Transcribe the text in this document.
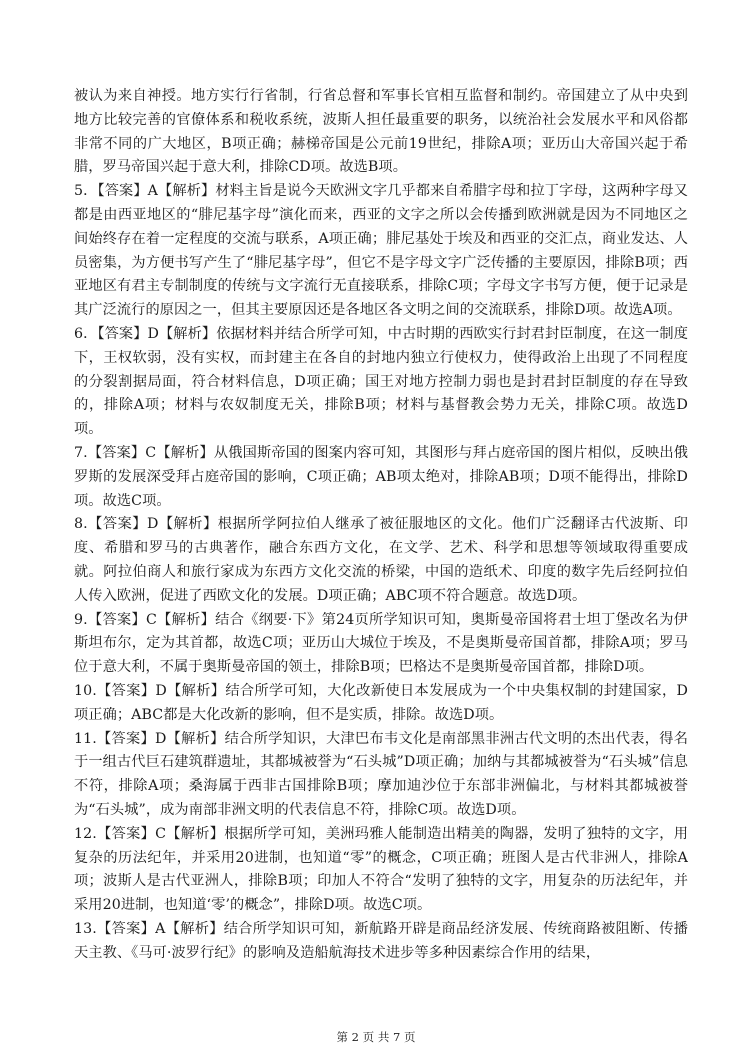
被认为来自神授。地方实行行省制，行省总督和军事长官相互监督和制约。帝国建立了从中央到地方比较完善的官僚体系和税收系统，波斯人担任最重要的职务，以统治社会发展水平和风俗都非常不同的广大地区，B项正确；赫梯帝国是公元前19世纪，排除A项；亚历山大帝国兴起于希腊，罗马帝国兴起于意大利，排除CD项。故选B项。

5．【答案】A【解析】材料主旨是说今天欧洲文字几乎都来自希腊字母和拉丁字母，这两种字母又都是由西亚地区的“腓尼基字母”演化而来，西亚的文字之所以会传播到欧洲就是因为不同地区之间始终存在着一定程度的交流与联系，A项正确；腓尼基处于埃及和西亚的交汇点，商业发达、人员密集，为方便书写产生了“腓尼基字母”，但它不是字母文字广泛传播的主要原因，排除B项；西亚地区有君主专制制度的传统与文字流行无直接联系，排除C项；字母文字书写方便，便于记录是其广泛流行的原因之一，但其主要原因还是各地区各文明之间的交流联系，排除D项。故选A项。

6．【答案】D【解析】依据材料并结合所学可知，中古时期的西欧实行封君封臣制度，在这一制度下，王权软弱，没有实权，而封建主在各自的封地内独立行使权力，使得政治上出现了不同程度的分裂割据局面，符合材料信息，D项正确；国王对地方控制力弱也是封君封臣制度的存在导致的，排除A项；材料与农奴制度无关，排除B项；材料与基督教会势力无关，排除C项。故选D项。

7.【答案】C【解析】从俄国斯帝国的图案内容可知，其图形与拜占庭帝国的图片相似，反映出俄罗斯的发展深受拜占庭帝国的影响，C项正确；AB项太绝对，排除AB项；D项不能得出，排除D项。故选C项。

8.【答案】D【解析】根据所学阿拉伯人继承了被征服地区的文化。他们广泛翻译古代波斯、印度、希腊和罗马的古典著作，融合东西方文化，在文学、艺术、科学和思想等领域取得重要成就。阿拉伯商人和旅行家成为东西方文化交流的桥梁，中国的造纸术、印度的数字先后经阿拉伯人传入欧洲，促进了西欧文化的发展。D项正确；ABC项不符合题意。故选D项。

9.【答案】C【解析】结合《纲要·下》第24页所学知识可知，奥斯曼帝国将君士坦丁堡改名为伊斯坦布尔，定为其首都，故选C项；亚历山大城位于埃及，不是奥斯曼帝国首都，排除A项；罗马位于意大利，不属于奥斯曼帝国的领土，排除B项；巴格达不是奥斯曼帝国首都，排除D项。

10.【答案】D【解析】结合所学可知，大化改新使日本发展成为一个中央集权制的封建国家，D项正确；ABC都是大化改新的影响，但不是实质，排除。故选D项。

11.【答案】D【解析】结合所学知识，大津巴布韦文化是南部黑非洲古代文明的杰出代表，得名于一组古代巨石建筑群遗址，其都城被誉为“石头城”D项正确；加纳与其都城被誉为“石头城”信息不符，排除A项；桑海属于西非古国排除B项；摩加迪沙位于东部非洲偏北，与材料其都城被誉为“石头城”，成为南部非洲文明的代表信息不符，排除C项。故选D项。

12.【答案】C【解析】根据所学可知，美洲玛雅人能制造出精美的陶器，发明了独特的文字，用复杂的历法纪年，并采用20进制，也知道“零”的概念，C项正确；班图人是古代非洲人，排除A项；波斯人是古代亚洲人，排除B项；印加人不符合“发明了独特的文字，用复杂的历法纪年，并采用20进制，也知道‘零’的概念”，排除D项。故选C项。

13.【答案】A【解析】结合所学知识可知，新航路开辟是商品经济发展、传统商路被阻断、传播天主教、《马可·波罗行纪》的影响及造船航海技术进步等多种因素综合作用的结果，

第 2 页 共 7 页
